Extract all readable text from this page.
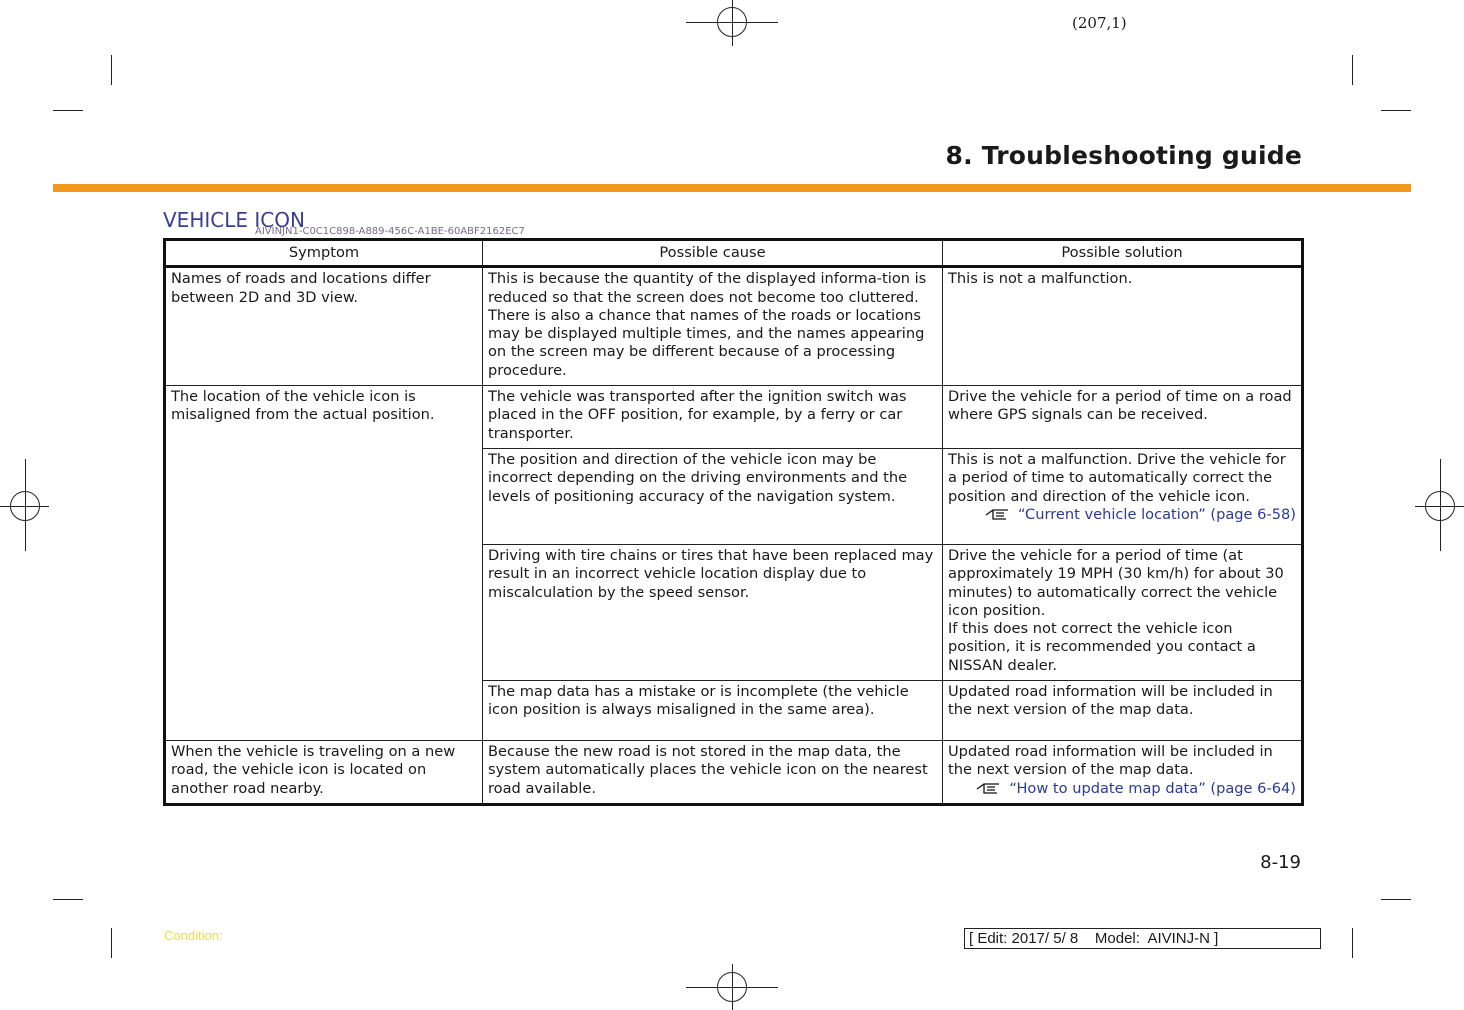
(207,1)
8. Troubleshooting guide
VEHICLE ICON
AIVINJN1-C0C1C898-A889-456C-A1BE-60ABF2162EC7
Symptom	Possible cause	Possible solution
Names of roads and locations differ between 2D and 3D view.	This is because the quantity of the displayed informa-tion is reduced so that the screen does not become too cluttered. There is also a chance that names of the roads or locations may be displayed multiple times, and the names appearing on the screen may be different because of a processing procedure.	This is not a malfunction.
The location of the vehicle icon is misaligned from the actual position.	The vehicle was transported after the ignition switch was placed in the OFF position, for example, by a ferry or car transporter.	Drive the vehicle for a period of time on a road where GPS signals can be received.
	The position and direction of the vehicle icon may be incorrect depending on the driving environments and the levels of positioning accuracy of the navigation system.	This is not a malfunction. Drive the vehicle for a period of time to automatically correct the position and direction of the vehicle icon.
“Current vehicle location” (page 6-58)

	Driving with tire chains or tires that have been replaced may result in an incorrect vehicle location display due to miscalculation by the speed sensor.	Drive the vehicle for a period of time (at approximately 19 MPH (30 km/h) for about 30 minutes) to automatically correct the vehicle icon position.
If this does not correct the vehicle icon position, it is recommended you contact a NISSAN dealer.

	The map data has a mistake or is incomplete (the vehicle icon position is always misaligned in the same area).	Updated road information will be included in the next version of the map data.
When the vehicle is traveling on a new road, the vehicle icon is located on another road nearby.	Because the new road is not stored in the map data, the system automatically places the vehicle icon on the nearest road available.	Updated road information will be included in the next version of the map data.
“How to update map data” (page 6-64)
8-19
Condition:	[ Edit: 2017/ 5/ 8    Model:  AIVINJ-N ]
